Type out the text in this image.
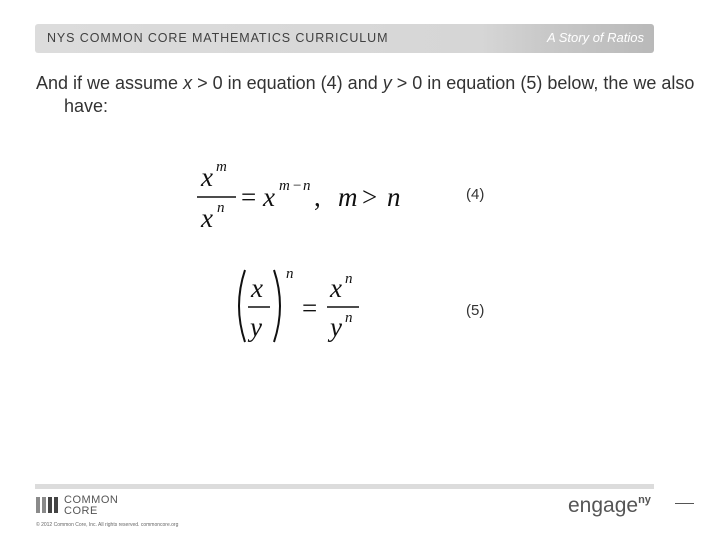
NYS COMMON CORE MATHEMATICS CURRICULUM	A Story of Ratios
And if we assume x > 0 in equation (4) and y > 0 in equation (5) below, the we also have:
x m
x n = x m − n , m > n	(4)
x
y
n
=
x n
y n	(5)
COMMON
CORE
© 2012 Common Core, Inc. All rights reserved. commoncore.org
engage$^{ny}$
